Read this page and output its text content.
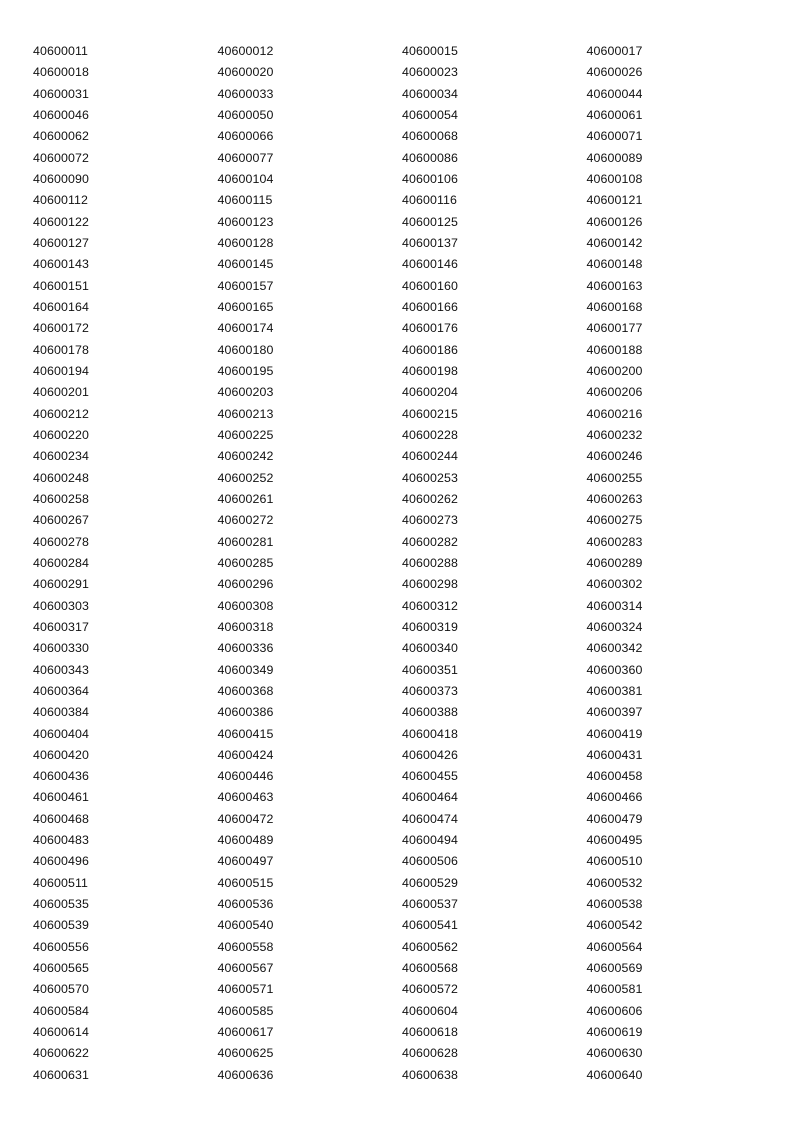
40600011	40600012	40600015	40600017
40600018	40600020	40600023	40600026
40600031	40600033	40600034	40600044
40600046	40600050	40600054	40600061
40600062	40600066	40600068	40600071
40600072	40600077	40600086	40600089
40600090	40600104	40600106	40600108
40600112	40600115	40600116	40600121
40600122	40600123	40600125	40600126
40600127	40600128	40600137	40600142
40600143	40600145	40600146	40600148
40600151	40600157	40600160	40600163
40600164	40600165	40600166	40600168
40600172	40600174	40600176	40600177
40600178	40600180	40600186	40600188
40600194	40600195	40600198	40600200
40600201	40600203	40600204	40600206
40600212	40600213	40600215	40600216
40600220	40600225	40600228	40600232
40600234	40600242	40600244	40600246
40600248	40600252	40600253	40600255
40600258	40600261	40600262	40600263
40600267	40600272	40600273	40600275
40600278	40600281	40600282	40600283
40600284	40600285	40600288	40600289
40600291	40600296	40600298	40600302
40600303	40600308	40600312	40600314
40600317	40600318	40600319	40600324
40600330	40600336	40600340	40600342
40600343	40600349	40600351	40600360
40600364	40600368	40600373	40600381
40600384	40600386	40600388	40600397
40600404	40600415	40600418	40600419
40600420	40600424	40600426	40600431
40600436	40600446	40600455	40600458
40600461	40600463	40600464	40600466
40600468	40600472	40600474	40600479
40600483	40600489	40600494	40600495
40600496	40600497	40600506	40600510
40600511	40600515	40600529	40600532
40600535	40600536	40600537	40600538
40600539	40600540	40600541	40600542
40600556	40600558	40600562	40600564
40600565	40600567	40600568	40600569
40600570	40600571	40600572	40600581
40600584	40600585	40600604	40600606
40600614	40600617	40600618	40600619
40600622	40600625	40600628	40600630
40600631	40600636	40600638	40600640
